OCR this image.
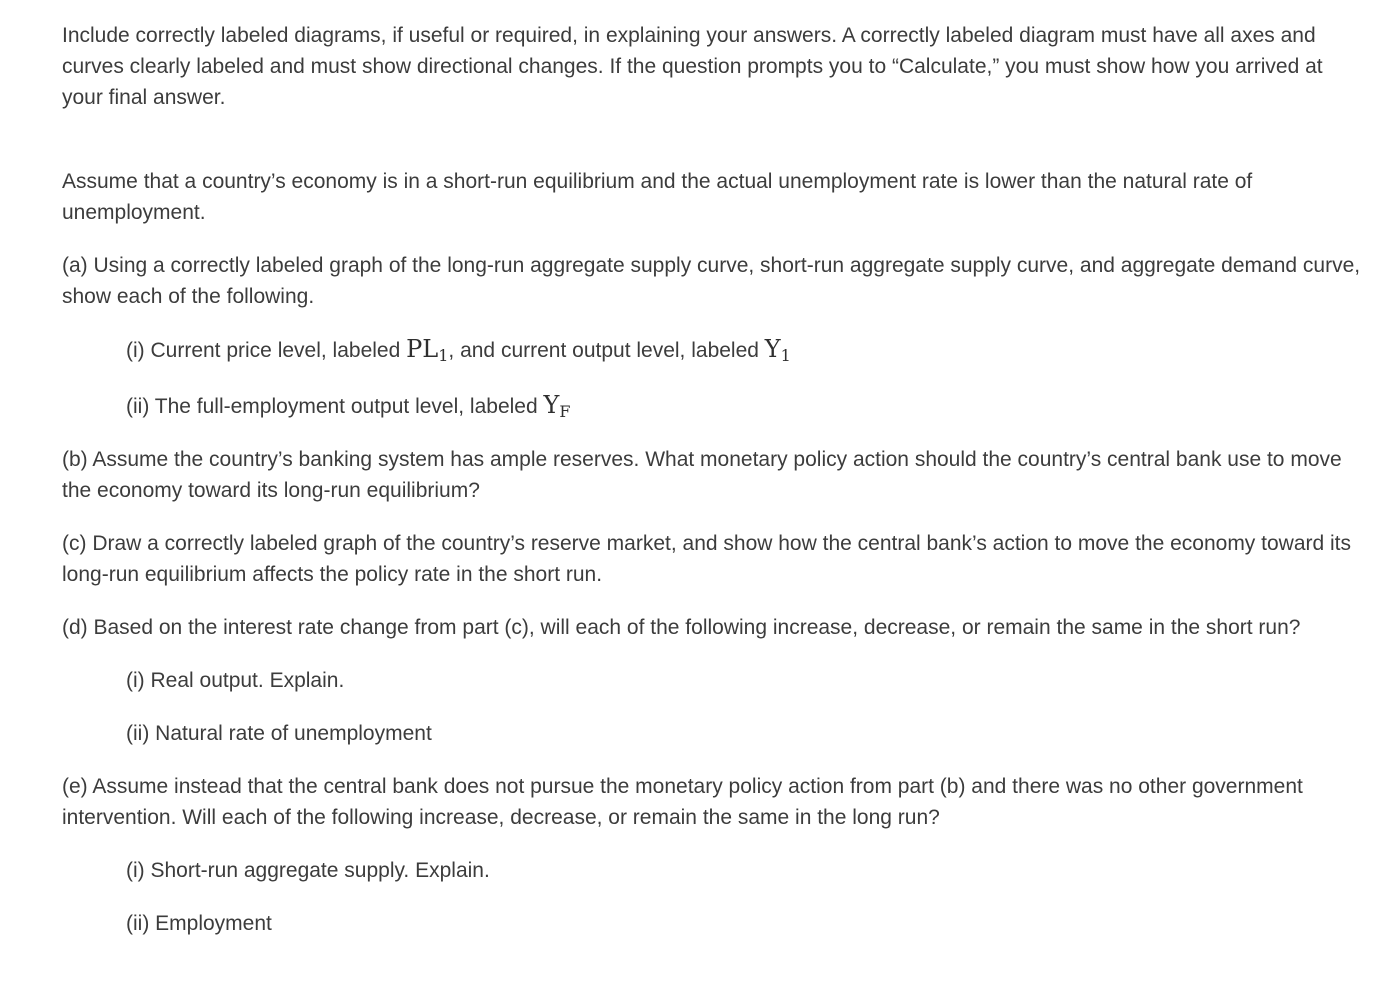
Include correctly labeled diagrams, if useful or required, in explaining your answers. A correctly labeled diagram must have all axes and curves clearly labeled and must show directional changes. If the question prompts you to “Calculate,” you must show how you arrived at your final answer.

Assume that a country’s economy is in a short-run equilibrium and the actual unemployment rate is lower than the natural rate of unemployment.

(a) Using a correctly labeled graph of the long-run aggregate supply curve, short-run aggregate supply curve, and aggregate demand curve, show each of the following.

(i) Current price level, labeled $PL_1$, and current output level, labeled $Y_1$

(ii) The full-employment output level, labeled $Y_F$

(b) Assume the country’s banking system has ample reserves. What monetary policy action should the country’s central bank use to move the economy toward its long-run equilibrium?

(c) Draw a correctly labeled graph of the country’s reserve market, and show how the central bank’s action to move the economy toward its long-run equilibrium affects the policy rate in the short run.

(d) Based on the interest rate change from part (c), will each of the following increase, decrease, or remain the same in the short run?

(i) Real output. Explain.

(ii) Natural rate of unemployment

(e) Assume instead that the central bank does not pursue the monetary policy action from part (b) and there was no other government intervention. Will each of the following increase, decrease, or remain the same in the long run?

(i) Short-run aggregate supply. Explain.

(ii) Employment
